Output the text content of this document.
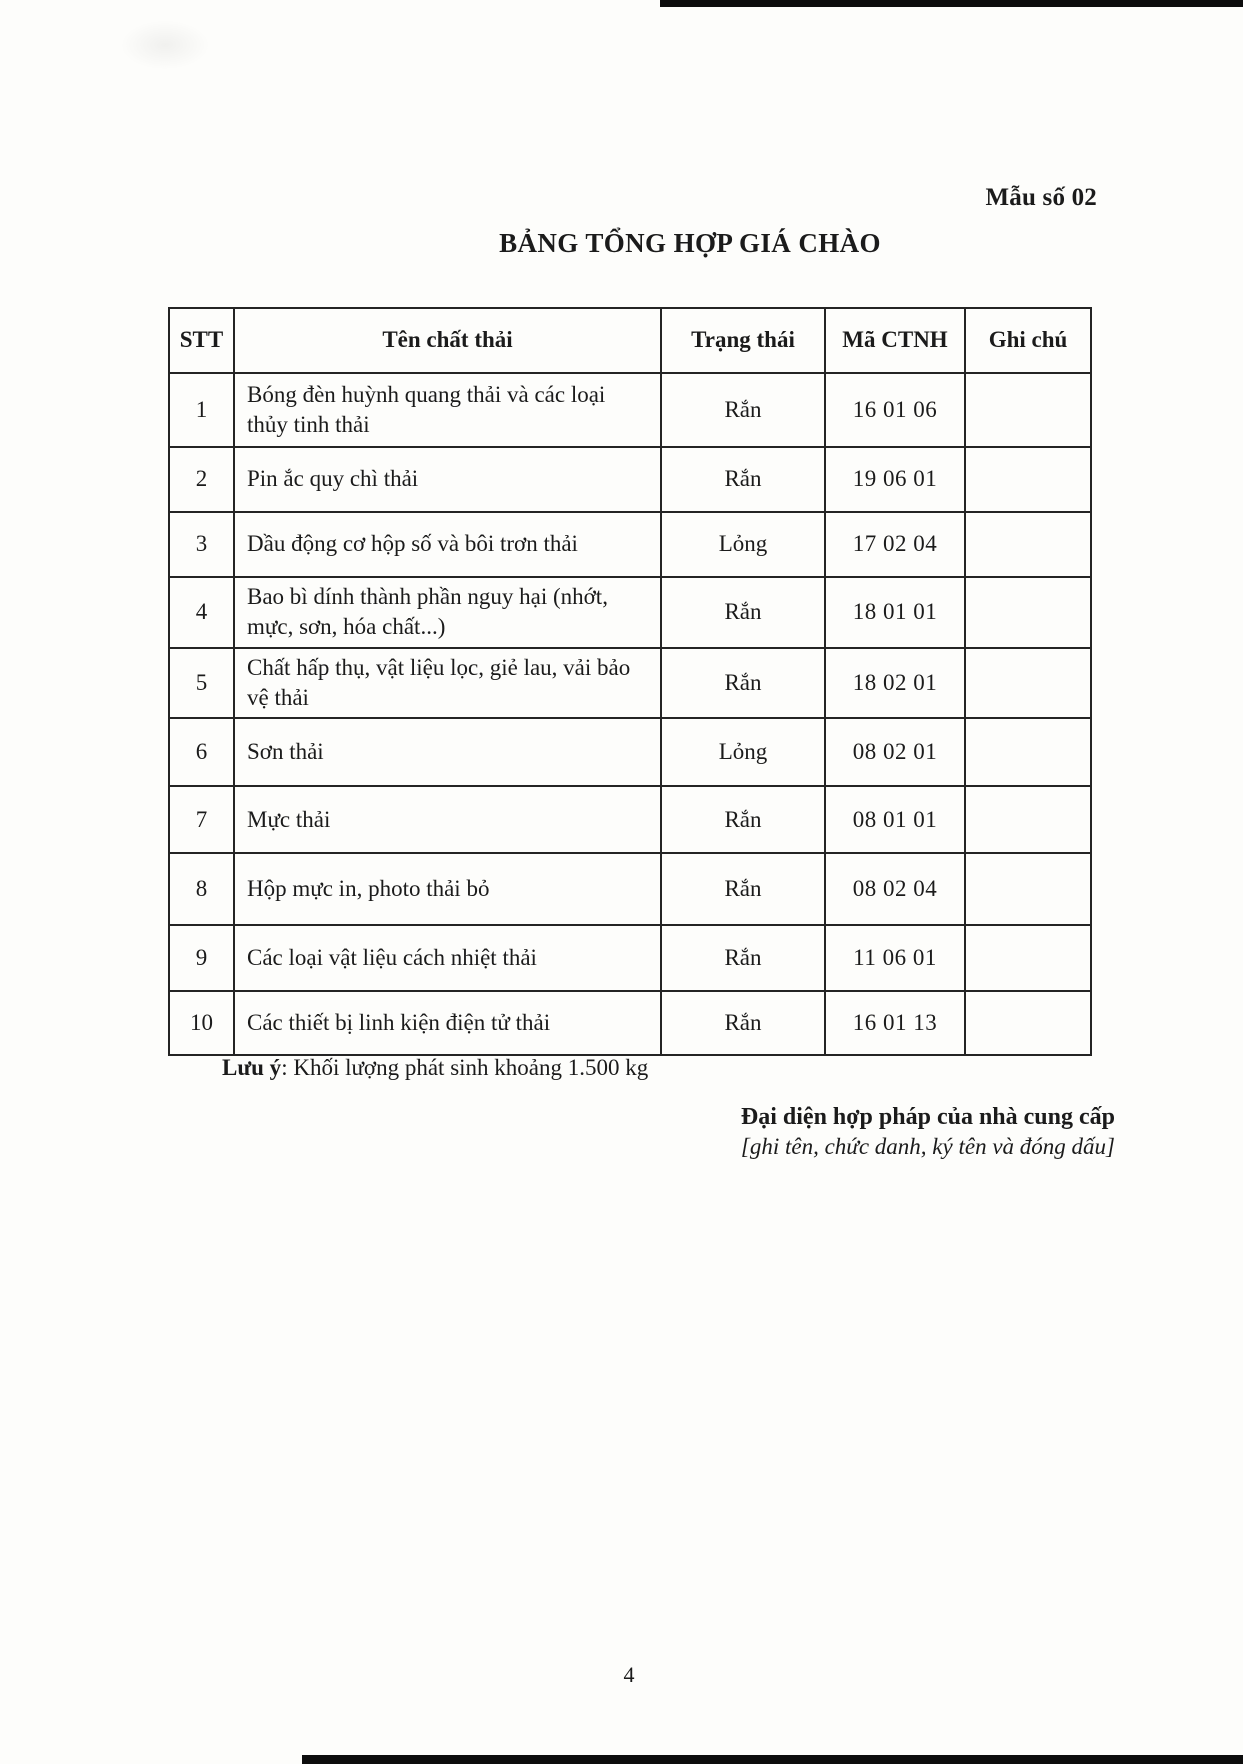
Mẫu số 02
BẢNG TỔNG HỢP GIÁ CHÀO
STT	Tên chất thải	Trạng thái	Mã CTNH	Ghi chú
1	Bóng đèn huỳnh quang thải và các loại thủy tinh thải	Rắn	16 01 06	
2	Pin ắc quy chì thải	Rắn	19 06 01	
3	Dầu động cơ hộp số và bôi trơn thải	Lỏng	17 02 04	
4	Bao bì dính thành phần nguy hại (nhớt, mực, sơn, hóa chất...)	Rắn	18 01 01	
5	Chất hấp thụ, vật liệu lọc, giẻ lau, vải bảo vệ thải	Rắn	18 02 01	
6	Sơn thải	Lỏng	08 02 01	
7	Mực thải	Rắn	08 01 01	
8	Hộp mực in, photo thải bỏ	Rắn	08 02 04	
9	Các loại vật liệu cách nhiệt thải	Rắn	11 06 01	
10	Các thiết bị linh kiện điện tử thải	Rắn	16 01 13	
Lưu ý: Khối lượng phát sinh khoảng 1.500 kg
Đại diện hợp pháp của nhà cung cấp
[ghi tên, chức danh, ký tên và đóng dấu]
4
